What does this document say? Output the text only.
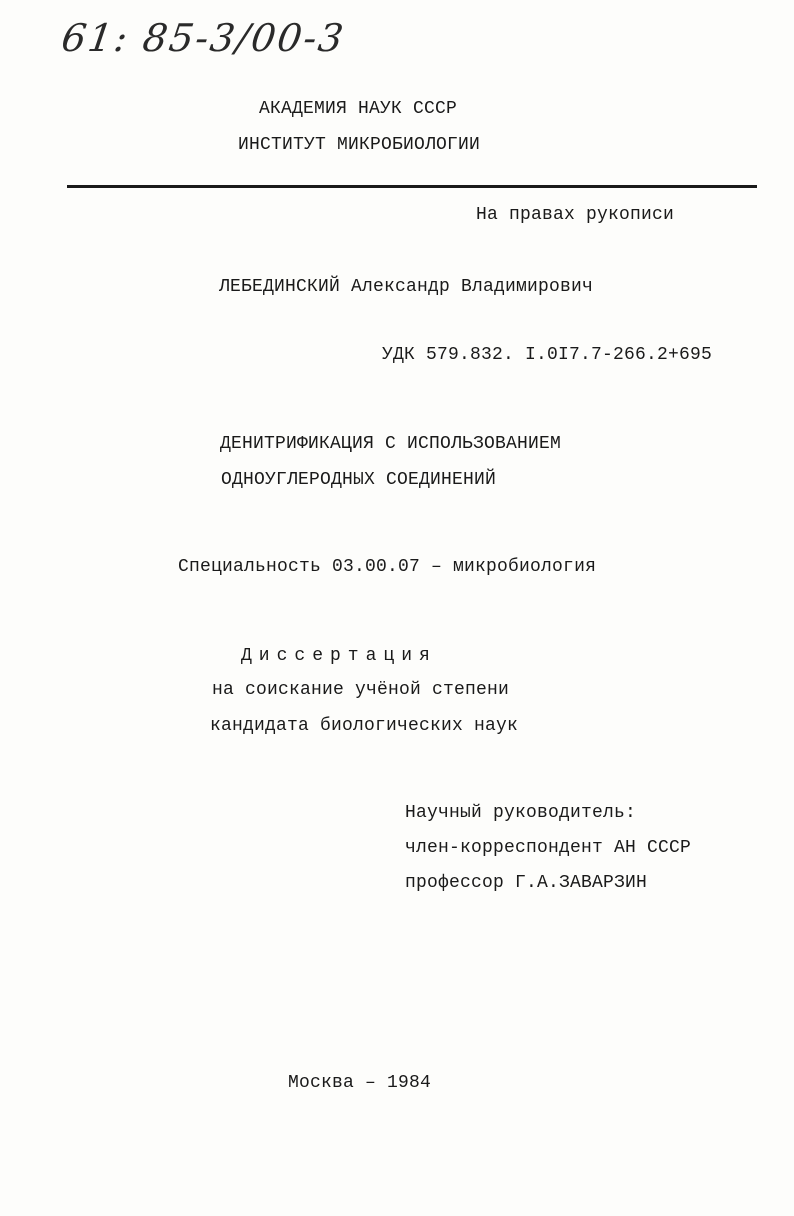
61: 85-3/00-3
АКАДЕМИЯ НАУК СССР
ИНСТИТУТ МИКРОБИОЛОГИИ
На правах рукописи
ЛЕБЕДИНСКИЙ Александр Владимирович
УДК 579.832. I.0I7.7-266.2+695
ДЕНИТРИФИКАЦИЯ С ИСПОЛЬЗОВАНИЕМ
ОДНОУГЛЕРОДНЫХ СОЕДИНЕНИЙ
Специальность 03.00.07 – микробиология
Диссертация
на соискание учёной степени
кандидата биологических наук
Научный руководитель:
член-корреспондент АН СССР
профессор Г.А.ЗАВАРЗИН
Москва – 1984
